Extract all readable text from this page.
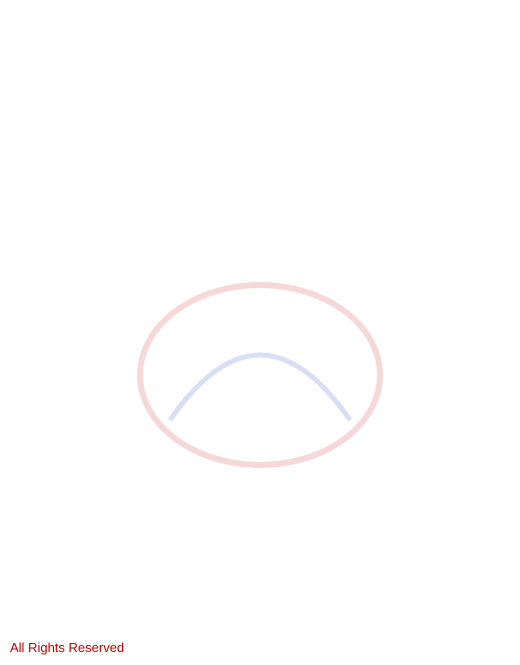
All Rights Reserved
